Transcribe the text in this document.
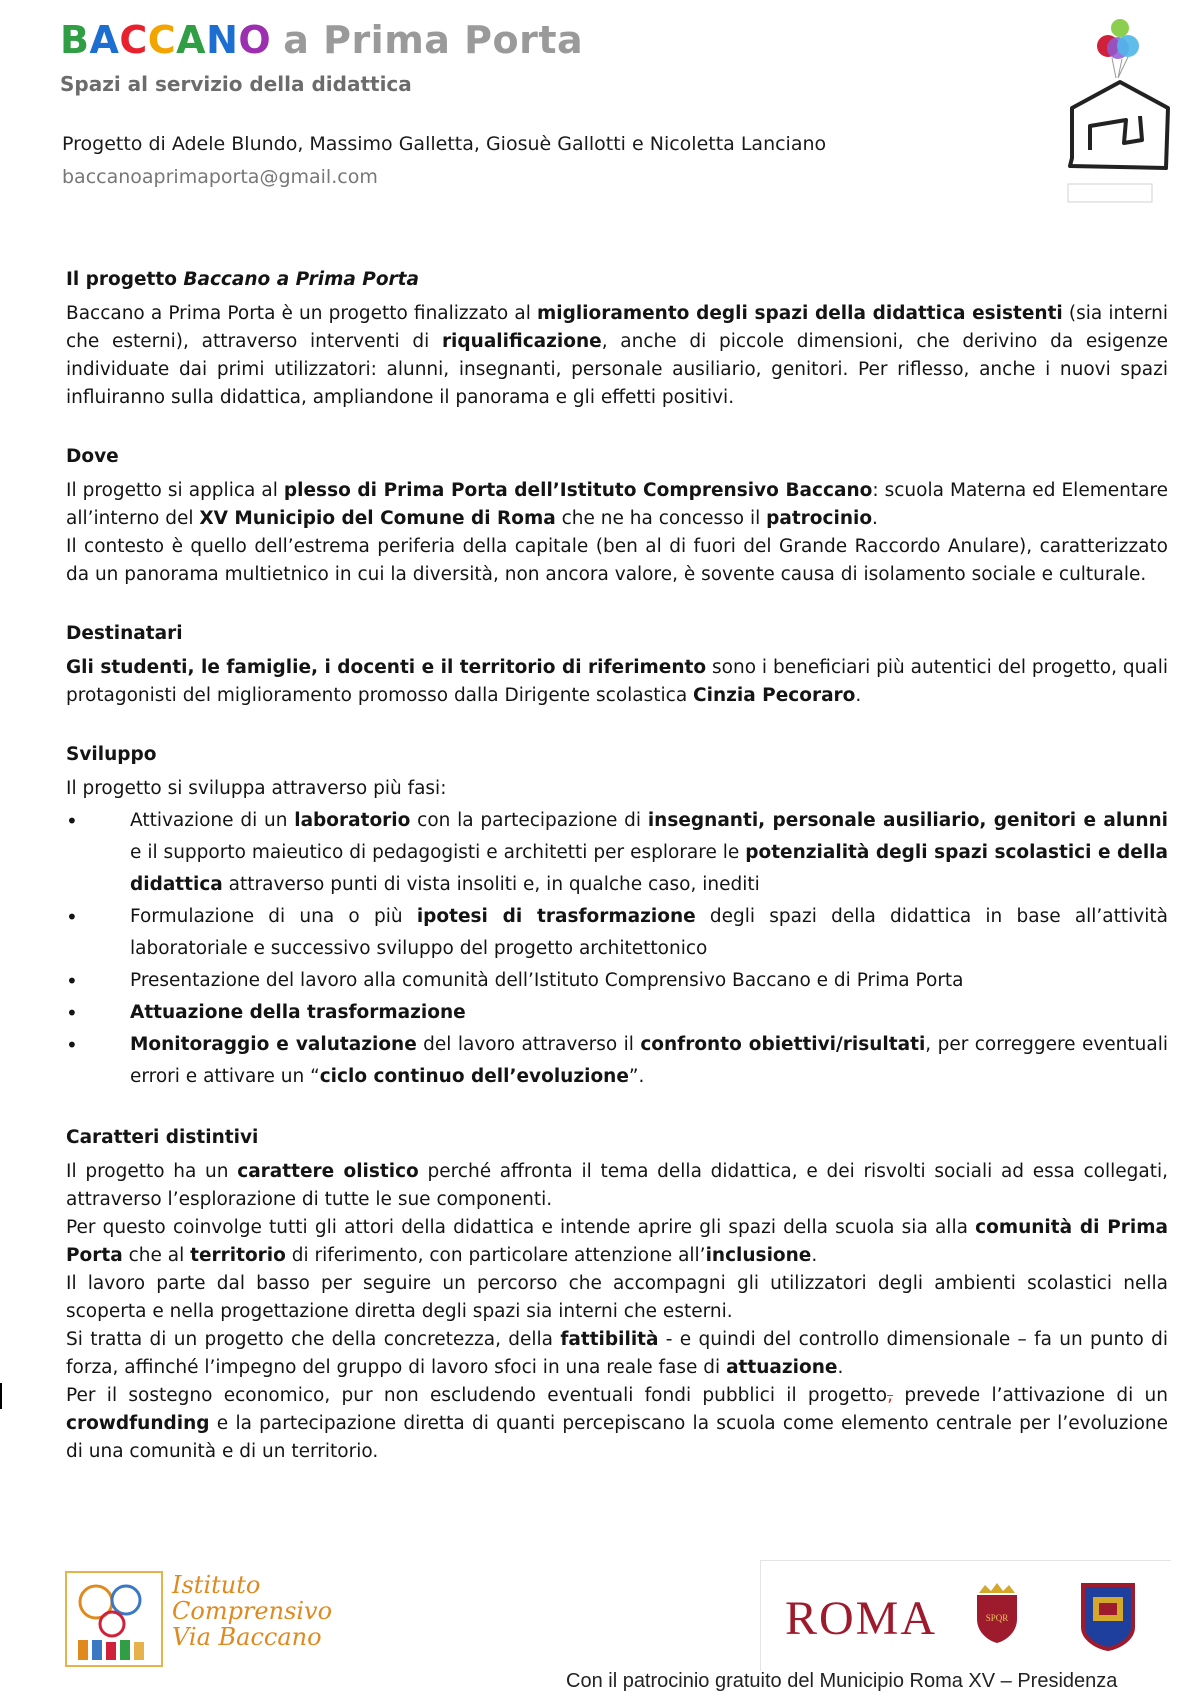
BACCANO a Prima Porta
Spazi al servizio della didattica
Progetto di Adele Blundo, Massimo Galletta, Giosuè Gallotti e Nicoletta Lanciano
baccanoaprimaporta@gmail.com
Il progetto Baccano a Prima Porta

Baccano a Prima Porta è un progetto finalizzato al miglioramento degli spazi della didattica esistenti (sia interni che esterni), attraverso interventi di riqualificazione, anche di piccole dimensioni, che derivino da esigenze individuate dai primi utilizzatori: alunni, insegnanti, personale ausiliario, genitori. Per riflesso, anche i nuovi spazi influiranno sulla didattica, ampliandone il panorama e gli effetti positivi.

Dove

Il progetto si applica al plesso di Prima Porta dell’Istituto Comprensivo Baccano: scuola Materna ed Elementare all’interno del XV Municipio del Comune di Roma che ne ha concesso il patrocinio.

Il contesto è quello dell’estrema periferia della capitale (ben al di fuori del Grande Raccordo Anulare), caratterizzato da un panorama multietnico in cui la diversità, non ancora valore, è sovente causa di isolamento sociale e culturale.

Destinatari

Gli studenti, le famiglie, i docenti e il territorio di riferimento sono i beneficiari più autentici del progetto, quali protagonisti del miglioramento promosso dalla Dirigente scolastica Cinzia Pecoraro.

Sviluppo

Il progetto si sviluppa attraverso più fasi:

• Attivazione di un laboratorio con la partecipazione di insegnanti, personale ausiliario, genitori e alunni e il supporto maieutico di pedagogisti e architetti per esplorare le potenzialità degli spazi scolastici e della didattica attraverso punti di vista insoliti e, in qualche caso, inediti
• Formulazione di una o più ipotesi di trasformazione degli spazi della didattica in base all’attività laboratoriale e successivo sviluppo del progetto architettonico
• Presentazione del lavoro alla comunità dell’Istituto Comprensivo Baccano e di Prima Porta
• Attuazione della trasformazione
• Monitoraggio e valutazione del lavoro attraverso il confronto obiettivi/risultati, per correggere eventuali errori e attivare un “ciclo continuo dell’evoluzione”.
Caratteri distintivi

Il progetto ha un carattere olistico perché affronta il tema della didattica, e dei risvolti sociali ad essa collegati, attraverso l’esplorazione di tutte le sue componenti.

Per questo coinvolge tutti gli attori della didattica e intende aprire gli spazi della scuola sia alla comunità di Prima Porta che al territorio di riferimento, con particolare attenzione all’inclusione.

Il lavoro parte dal basso per seguire un percorso che accompagni gli utilizzatori degli ambienti scolastici nella scoperta e nella progettazione diretta degli spazi sia interni che esterni.

Si tratta di un progetto che della concretezza, della fattibilità - e quindi del controllo dimensionale – fa un punto di forza, affinché l’impegno del gruppo di lavoro sfoci in una reale fase di attuazione.

Per il sostegno economico, pur non escludendo eventuali fondi pubblici il progetto, prevede l’attivazione di un crowdfunding e la partecipazione diretta di quanti percepiscano la scuola come elemento centrale per l’evoluzione di una comunità e di un territorio.

Istituto
Comprensivo
Via Baccano	ROMA	SPQR
Con il patrocinio gratuito del Municipio Roma XV – Presidenza
